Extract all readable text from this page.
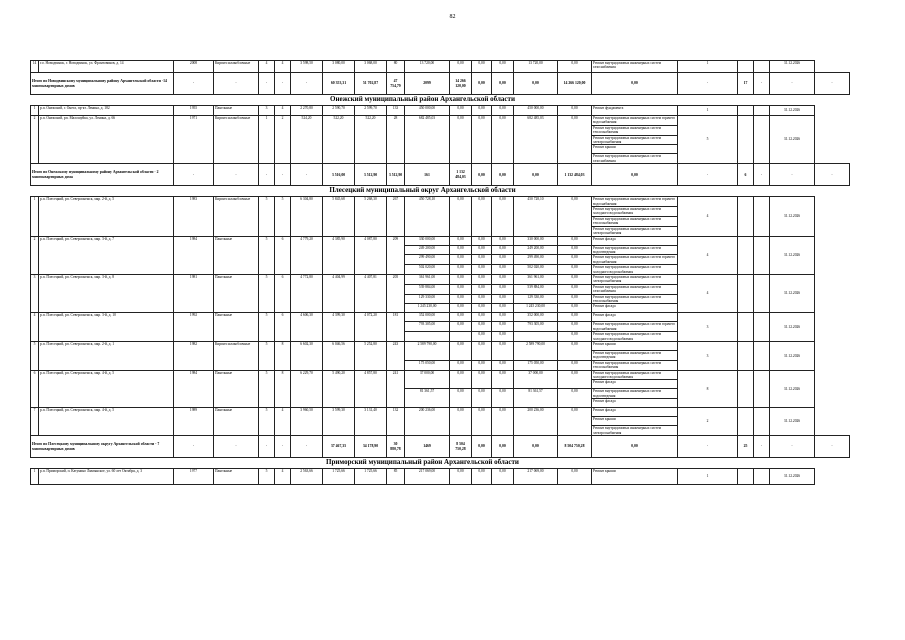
82
14	г.о. Новодвинск, г. Новодвинск, ул. Фронтовиков, д. 14	2008	Кирпич шлакоблочные	4	4	3 598,50	3 080,00	3 068,00	80	13 720,00	0,00	0,00	0,00	13 720,00	0,00	Ремонт внутридомовых инженерных систем газоснабжения	1			31.12.2026	
Итого по Новодвинскому муниципальному району Архангельской области -14 многоквартирных домов		-	-	-	-	-	60 353,31	51 702,87	47 754,79	2099	14 266 120,00	0,00	0,00	0,00	14 266 120,00	0,00	-	17	-	-	-
Онежский муниципальный район Архангельской области																					
1	р.п. Онежский, г. Онега, пр-кт. Ленина, д. 182	1955	Панельные	3	4	2 270,80	2 590,70	2 599,70	133	450 000,00	0,00	0,00	0,00	450 000,00	0,00	Ремонт фундамента	1			31.12.2026	
2	р.п. Онежский, рп. Малошуйка, ул. Ленина, д. 66	1971	Кирпич шлакоблочные	1	2	524,20	522,20	522,20	28	682 485,03	0,00	0,00	0,00	682 485,03	0,00	Ремонт внутридомовых инженерных систем горячего водоснабжения	5			31.12.2026	
																Ремонт внутридомовых инженерных систем теплоснабжения					
																Ремонт внутридомовых инженерных систем электроснабжения					
																Ремонт крыши					
																Ремонт внутридомовых инженерных систем газоснабжения					
Итого по Онежскому муниципальному району Архангельской области - 2 многоквартирных дома		-	-	-	-	-	3 516,00	3 512,90	3 512,90	161	1 132 484,03	0,00	0,00	0,00	1 132 484,03	0,00	-	6	-	-	-
Плесецкий муниципальный округ Архангельской области																					
1	р.п. Плесецкий, рп. Североонежск, мкр. 2-й, д. 5	1983	Кирпич шлакоблочные	5	5	6 304,80	5 845,68	5 268,30	267	450 728,10	0,00	0,00	0,00	450 728,10	0,00	Ремонт внутридомовых инженерных систем горячего водоснабжения	4			31.12.2026	
																Ремонт внутридомовых инженерных систем холодного водоснабжения					
																Ремонт внутридомовых инженерных систем теплоснабжения					
																Ремонт внутридомовых инженерных систем электроснабжения					
2	р.п. Плесецкий, рп. Североонежск, мкр. 3-й, д. 7	1984	Панельные	5	6	4 779,20	4 385,90	4 087,80	209	330 000,00	0,00	0,00	0,00	330 000,00	0,00	Ремонт фасада	4			31.12.2026	
										249 200,00	0,00	0,00	0,00	249 200,00	0,00	Ремонт внутридомовых инженерных систем водоотведения					
										299 490,00	0,00	0,00	0,00	299 490,00	0,00	Ремонт внутридомовых инженерных систем горячего водоснабжения					
										502 020,00	0,00	0,00	0,00	502 020,00	0,00	Ремонт внутридомовых инженерных систем холодного водоснабжения					
3	р.п. Плесецкий, рп. Североонежск, мкр. 3-й, д. 8	1981	Панельные	5	6	4 772,80	4 404,99	4 407,81	205	361 961,00	0,00	0,00	0,00	361 961,00	0,00	Ремонт внутридомовых инженерных систем электроснабжения	4			31.12.2026	
										539 884,00	0,00	0,00	0,00	539 884,00	0,00	Ремонт внутридомовых инженерных систем газоснабжения					
										129 330,00	0,00	0,00	0,00	129 330,00	0,00	Ремонт внутридомовых инженерных систем теплоснабжения					
										1 245 230,00	0,00	0,00	0,00	1 245 230,00	0,00	Ремонт фасада					
4	р.п. Плесецкий, рп. Североонежск, мкр. 3-й, д. 10	1992	Панельные	5	6	4 606,30	4 399,30	4 072,20	181	352 000,00	0,00	0,00	0,00	352 000,00	0,00	Ремонт фасада	3			31.12.2026	
										793 305,00	0,00	0,00	0,00	793 305,00	0,00	Ремонт внутридомовых инженерных систем горячего водоснабжения					
												0,00	0,00		0,00	Ремонт внутридомовых инженерных систем холодного водоснабжения					
5	р.п. Плесецкий, рп. Североонежск, мкр. 2-й, д. 1	1982	Кирпич шлакоблочные	5	8	6 602,30	6 046,56	5 252,80	243	2 589 790,00	0,00	0,00	0,00	2 589 790,00	0,00	Ремонт крыши	3			31.12.2026	
																Ремонт внутридомовых инженерных систем водоотведения					
										175 050,00	0,00	0,00	0,00	175 050,00	0,00	Ремонт внутридомовых инженерных систем теплоснабжения					
6	р.п. Плесецкий, рп. Североонежск, мкр. 4-й, д. 5	1984	Панельные	5	8	6 229,70	5 490,20	4 857,80	241	37 000,00	0,00	0,00	0,00	37 000,00	0,00	Ремонт внутридомовых инженерных систем холодного водоснабжения	8			31.12.2026	
																Ремонт фасада					
										81 361,57	0,00	0,00	0,00	81 361,57	0,00	Ремонт внутридомовых инженерных систем водоотведения					
																Ремонт фасада					
7	р.п. Плесецкий, рп. Североонежск, мкр. 4-й, д. 5	1989	Панельные	5	4	3 960,50	3 599,30	3 131,40	132	200 236,00	0,00	0,00	0,00	200 236,00	0,00	Ремонт фасада	2			31.12.2026	
																Ремонт крыши					
																Ремонт внутридомовых инженерных систем электроснабжения					
Итого по Плесецкому муниципальному округу Архангельской области - 7 многоквартирных домов		-	-	-	-	-	37 467,35	34 178,90	30 880,78	1469	8 504 750,28	0,00	0,00	0,00	8 504 750,28	0,00	-	25	-	-	-
Приморский муниципальный район Архангельской области																					
1	р.п. Приморский, п. Катунино Лявлянское, ул. 60 лет Октября, д. 3	1977	Панельные	5	4	2 563,66	1 725,66	1 725,66	85	217 069,00	0,00	0,00	0,00	217 069,00	0,00	Ремонт крыши	1			31.12.2026	
